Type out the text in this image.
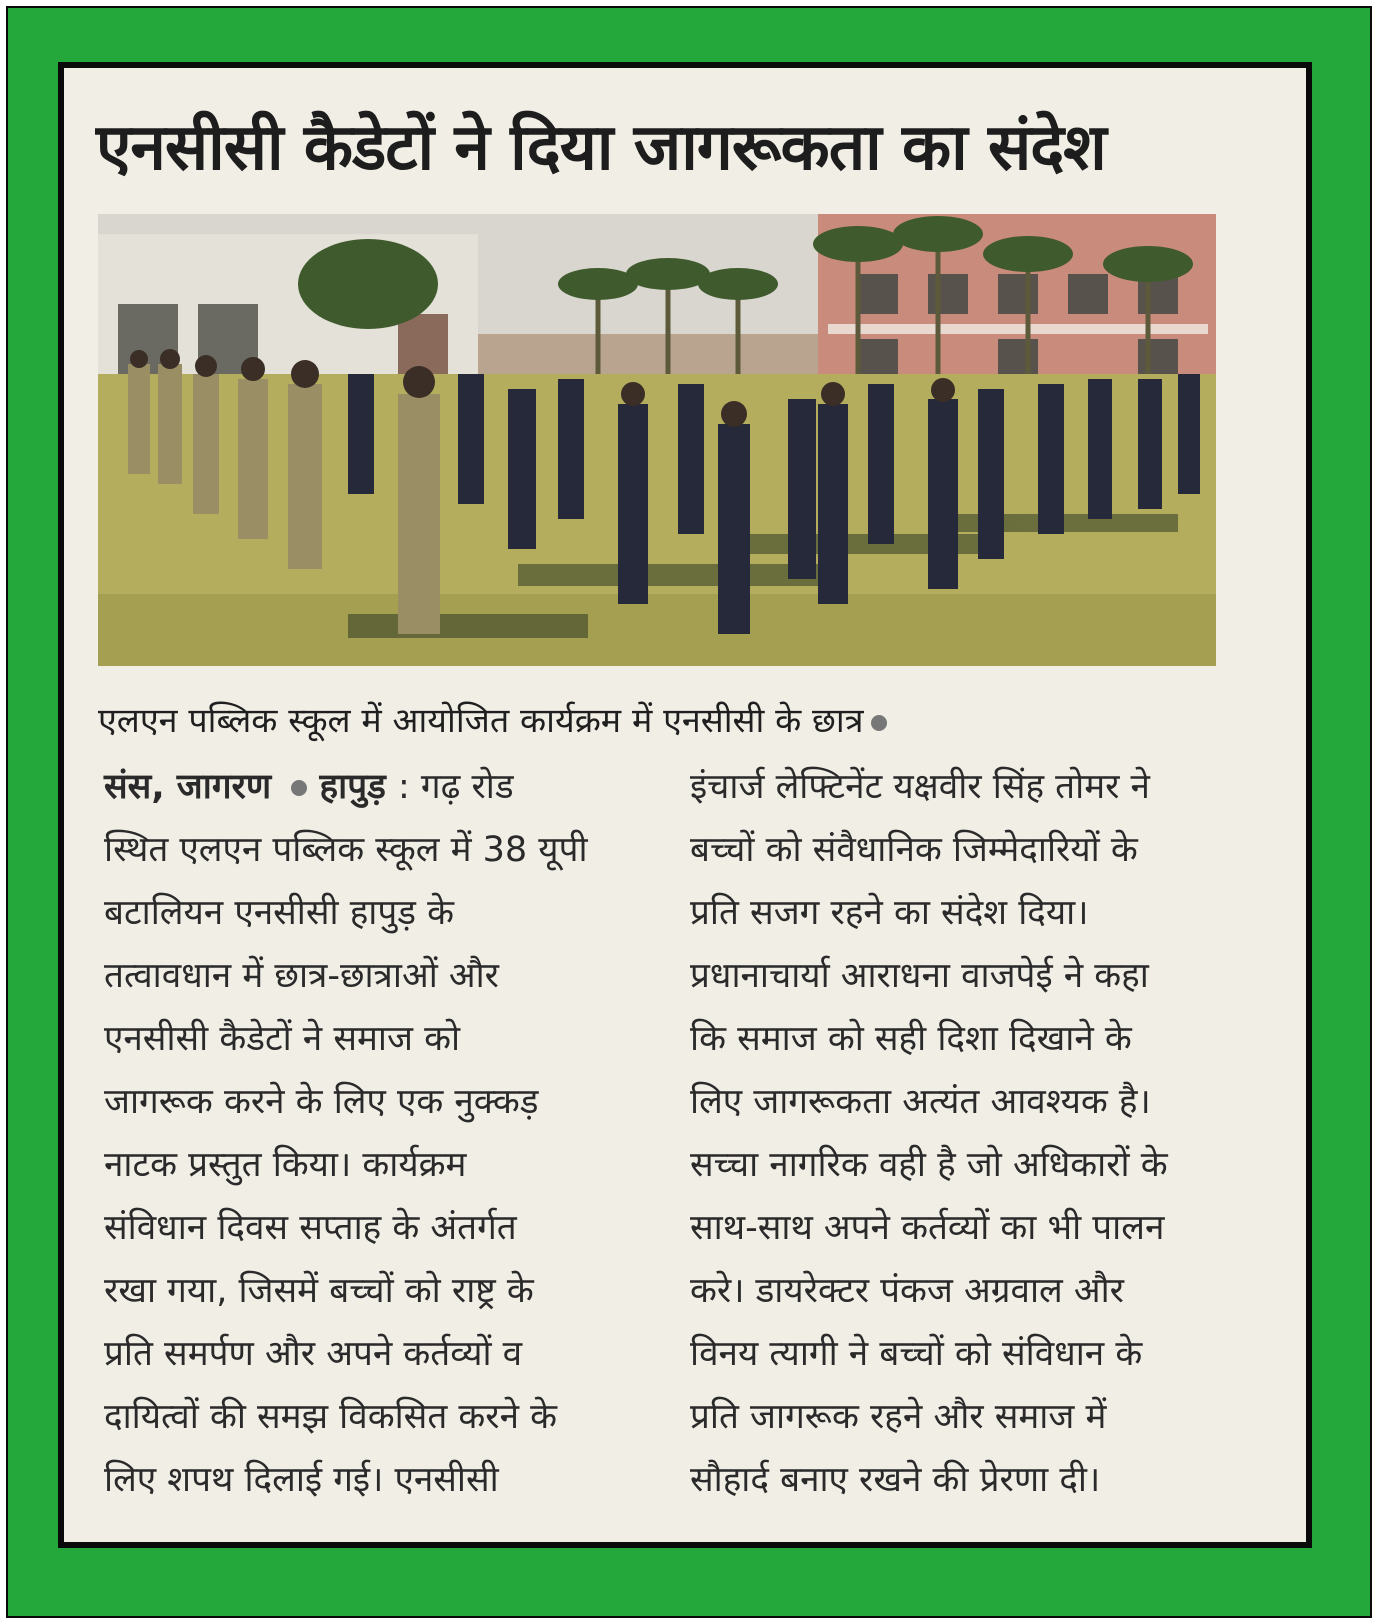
एनसीसी कैडेटों ने दिया जागरूकता का संदेश
एलएन पब्लिक स्कूल में आयोजित कार्यक्रम में एनसीसी के छात्र
संस, जागरण हापुड़ : गढ़ रोड
स्थित एलएन पब्लिक स्कूल में 38 यूपी
बटालियन एनसीसी हापुड़ के
तत्वावधान में छात्र-छात्राओं और
एनसीसी कैडेटों ने समाज को
जागरूक करने के लिए एक नुक्कड़
नाटक प्रस्तुत किया। कार्यक्रम
संविधान दिवस सप्ताह के अंतर्गत
रखा गया, जिसमें बच्चों को राष्ट्र के
प्रति समर्पण और अपने कर्तव्यों व
दायित्वों की समझ विकसित करने के
लिए शपथ दिलाई गई। एनसीसी
इंचार्ज लेफ्टिनेंट यक्षवीर सिंह तोमर ने
बच्चों को संवैधानिक जिम्मेदारियों के
प्रति सजग रहने का संदेश दिया।
प्रधानाचार्या आराधना वाजपेई ने कहा
कि समाज को सही दिशा दिखाने के
लिए जागरूकता अत्यंत आवश्यक है।
सच्चा नागरिक वही है जो अधिकारों के
साथ-साथ अपने कर्तव्यों का भी पालन
करे। डायरेक्टर पंकज अग्रवाल और
विनय त्यागी ने बच्चों को संविधान के
प्रति जागरूक रहने और समाज में
सौहार्द बनाए रखने की प्रेरणा दी।
